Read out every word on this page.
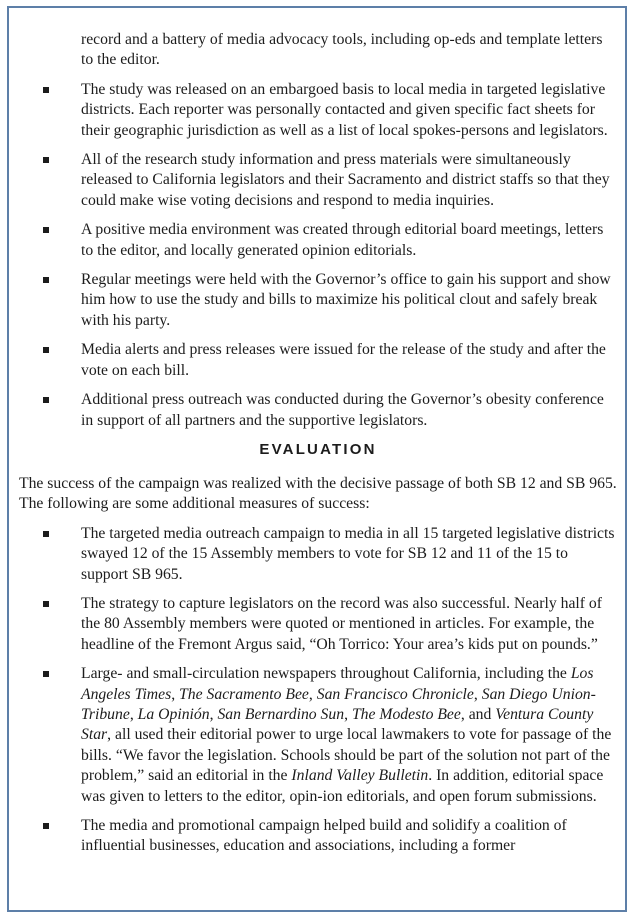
record and a battery of media advocacy tools, including op-eds and template letters to the editor.

The study was released on an embargoed basis to local media in targeted legislative districts. Each reporter was personally contacted and given specific fact sheets for their geographic jurisdiction as well as a list of local spokes-persons and legislators.
All of the research study information and press materials were simultaneously released to California legislators and their Sacramento and district staffs so that they could make wise voting decisions and respond to media inquiries.
A positive media environment was created through editorial board meetings, letters to the editor, and locally generated opinion editorials.
Regular meetings were held with the Governor’s office to gain his support and show him how to use the study and bills to maximize his political clout and safely break with his party.
Media alerts and press releases were issued for the release of the study and after the vote on each bill.
Additional press outreach was conducted during the Governor’s obesity conference in support of all partners and the supportive legislators.
EVALUATION

The success of the campaign was realized with the decisive passage of both SB 12 and SB 965. The following are some additional measures of success:

The targeted media outreach campaign to media in all 15 targeted legislative districts swayed 12 of the 15 Assembly members to vote for SB 12 and 11 of the 15 to support SB 965.
The strategy to capture legislators on the record was also successful. Nearly half of the 80 Assembly members were quoted or mentioned in articles. For example, the headline of the Fremont Argus said, “Oh Torrico: Your area’s kids put on pounds.”
Large- and small-circulation newspapers throughout California, including the Los Angeles Times, The Sacramento Bee, San Francisco Chronicle, San Diego Union-Tribune, La Opinión, San Bernardino Sun, The Modesto Bee, and Ventura County Star, all used their editorial power to urge local lawmakers to vote for passage of the bills. “We favor the legislation. Schools should be part of the solution not part of the problem,” said an editorial in the Inland Valley Bulletin. In addition, editorial space was given to letters to the editor, opin-ion editorials, and open forum submissions.
The media and promotional campaign helped build and solidify a coalition of influential businesses, education and associations, including a former
